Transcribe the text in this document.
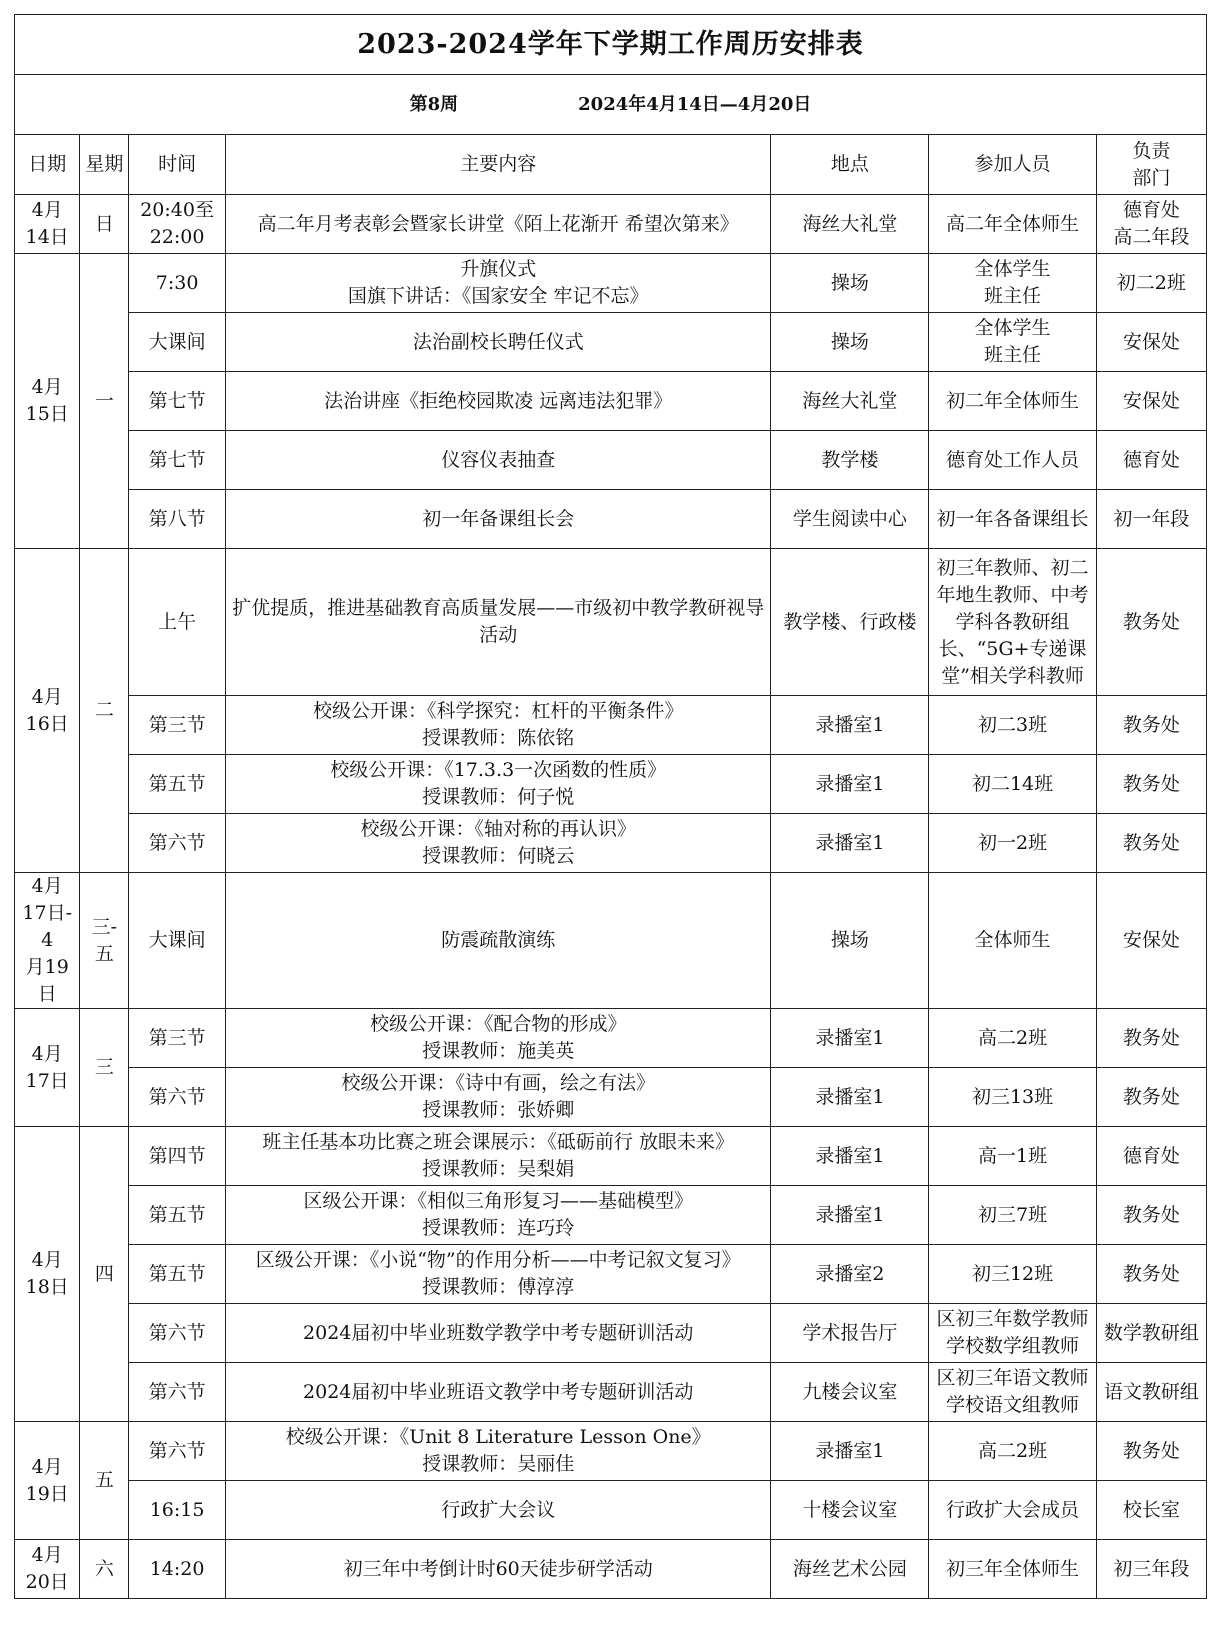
2023-2024学年下学期工作周历安排表						
第8周 2024年4月14日—4月20日						
日期	星期	时间	主要内容	地点	参加人员	负责
部门

4月
14日	日	20:40至
22:00	高二年月考表彰会暨家长讲堂《陌上花渐开 希望次第来》	海丝大礼堂	高二年全体师生	德育处
高二年段

4月
15日	一	7:30	升旗仪式
国旗下讲话：《国家安全 牢记不忘》	操场	全体学生
班主任	初二2班

		大课间	法治副校长聘任仪式	操场	全体学生
班主任	安保处

		第七节	法治讲座《拒绝校园欺凌 远离违法犯罪》	海丝大礼堂	初二年全体师生	安保处

		第七节	仪容仪表抽查	教学楼	德育处工作人员	德育处

		第八节	初一年备课组长会	学生阅读中心	初一年各备课组长	初一年段

4月
16日	二	上午	扩优提质，推进基础教育高质量发展——市级初中教学教研视导活动	教学楼、行政楼	初三年教师、初二年地生教师、中考学科各教研组长、“5G+专递课堂”相关学科教师	教务处

		第三节	校级公开课：《科学探究：杠杆的平衡条件》
授课教师：陈依铭	录播室1	初二3班	教务处

		第五节	校级公开课：《17.3.3一次函数的性质》
授课教师：何子悦	录播室1	初二14班	教务处

		第六节	校级公开课：《轴对称的再认识》
授课教师：何晓云	录播室1	初一2班	教务处

4月
17日-4
月19日	三-五	大课间	防震疏散演练	操场	全体师生	安保处

4月
17日	三	第三节	校级公开课：《配合物的形成》
授课教师：施美英	录播室1	高二2班	教务处

		第六节	校级公开课：《诗中有画，绘之有法》
授课教师：张娇卿	录播室1	初三13班	教务处

4月
18日	四	第四节	班主任基本功比赛之班会课展示：《砥砺前行 放眼未来》
授课教师：吴梨娟	录播室1	高一1班	德育处

		第五节	区级公开课：《相似三角形复习——基础模型》
授课教师：连巧玲	录播室1	初三7班	教务处

		第五节	区级公开课：《小说“物”的作用分析——中考记叙文复习》
授课教师：傅淳淳	录播室2	初三12班	教务处

		第六节	2024届初中毕业班数学教学中考专题研训活动	学术报告厅	区初三年数学教师
学校数学组教师	数学教研组

		第六节	2024届初中毕业班语文教学中考专题研训活动	九楼会议室	区初三年语文教师
学校语文组教师	语文教研组

4月
19日	五	第六节	校级公开课：《Unit 8 Literature Lesson One》
授课教师：吴丽佳	录播室1	高二2班	教务处

		16:15	行政扩大会议	十楼会议室	行政扩大会成员	校长室

4月
20日	六	14:20	初三年中考倒计时60天徒步研学活动	海丝艺术公园	初三年全体师生	初三年段
